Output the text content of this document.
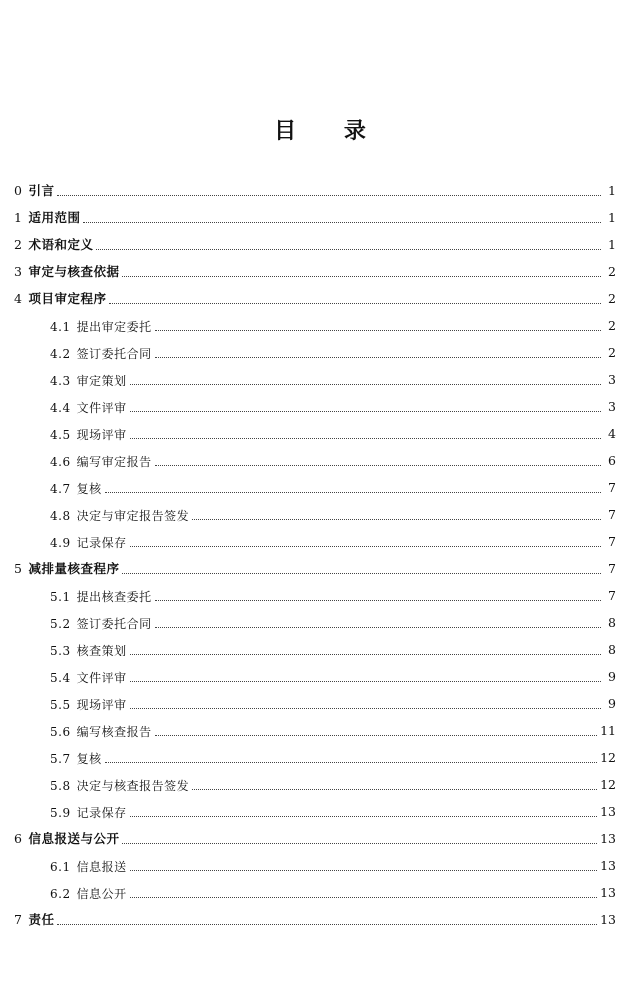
目 录
0 引言	1
1 适用范围	1
2 术语和定义	1
3 审定与核查依据	2
4 项目审定程序	2
4.1 提出审定委托	2
4.2 签订委托合同	2
4.3 审定策划	3
4.4 文件评审	3
4.5 现场评审	4
4.6 编写审定报告	6
4.7 复核	7
4.8 决定与审定报告签发	7
4.9 记录保存	7
5 减排量核查程序	7
5.1 提出核查委托	7
5.2 签订委托合同	8
5.3 核查策划	8
5.4 文件评审	9
5.5 现场评审	9
5.6 编写核查报告	11
5.7 复核	12
5.8 决定与核查报告签发	12
5.9 记录保存	13
6 信息报送与公开	13
6.1 信息报送	13
6.2 信息公开	13
7 责任	13
